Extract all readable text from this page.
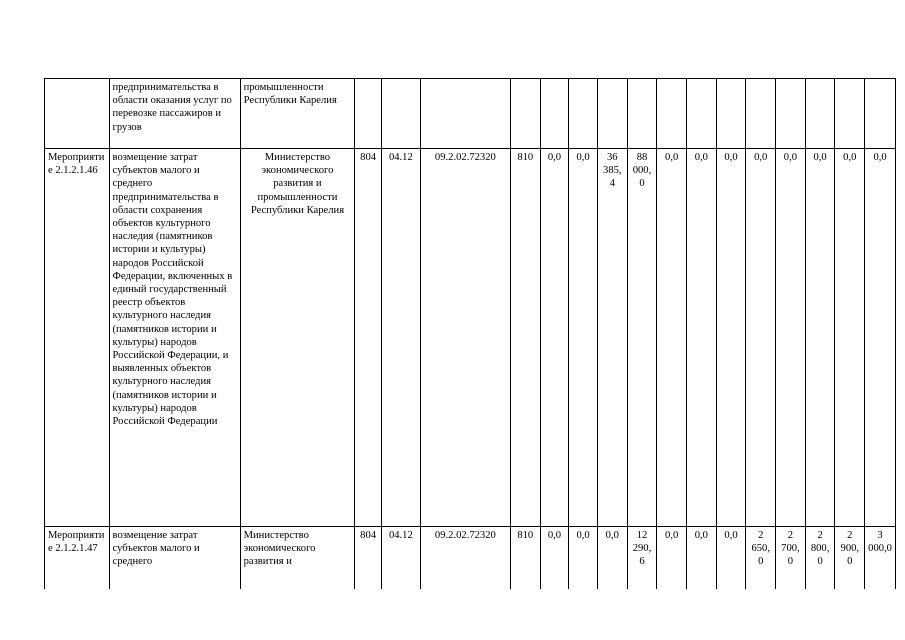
	предпринимательства в области оказания услуг по перевозке пассажиров и грузов	промышленности Республики Карелия																
Мероприятие 2.1.2.1.46	возмещение затрат субъектов малого и среднего предпринимательства в области сохранения объектов культурного наследия (памятников истории и культуры) народов Российской Федерации, включенных в единый государственный реестр объектов культурного наследия (памятников истории и культуры) народов Российской Федерации, и выявленных объектов культурного наследия (памятников истории и культуры) народов Российской Федерации	Министерство экономического развития и промышленности Республики Карелия	804	04.12	09.2.02.72320	810	0,0	0,0	36 385,4	88 000,0	0,0	0,0	0,0	0,0	0,0	0,0	0,0	0,0
Мероприятие 2.1.2.1.47	возмещение затрат субъектов малого и среднего	Министерство экономического развития и	804	04.12	09.2.02.72320	810	0,0	0,0	0,0	12 290,6	0,0	0,0	0,0	2 650,0	2 700,0	2 800,0	2 900,0	3 000,0
